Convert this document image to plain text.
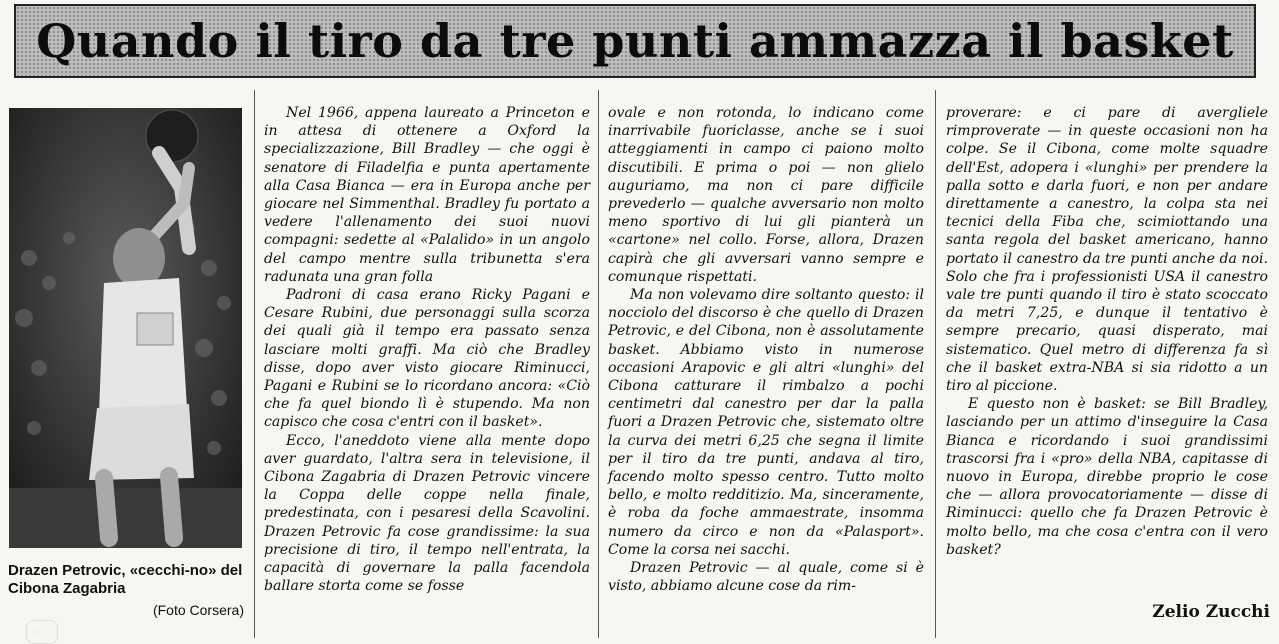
Quando il tiro da tre punti ammazza il basket
RAI 3
Drazen Petrovic, «cecchi-no» del Cibona Zagabria
(Foto Corsera)

Nel 1966, appena laureato a Princeton e in attesa di ottenere a Oxford la specializzazione, Bill Bradley — che oggi è senatore di Filadelfia e punta apertamente alla Casa Bianca — era in Europa anche per giocare nel Simmenthal. Bradley fu portato a vedere l'allenamento dei suoi nuovi compagni: sedette al «Palalido» in un angolo del campo mentre sulla tribunetta s'era radunata una gran folla

Padroni di casa erano Ricky Pagani e Cesare Rubini, due personaggi sulla scorza dei quali già il tempo era passato senza lasciare molti graffi. Ma ciò che Bradley disse, dopo aver visto giocare Riminucci, Pagani e Rubini se lo ricordano ancora: «Ciò che fa quel biondo lì è stupendo. Ma non capisco che cosa c'entri con il basket».

Ecco, l'aneddoto viene alla mente dopo aver guardato, l'altra sera in televisione, il Cibona Zagabria di Drazen Petrovic vincere la Coppa delle coppe nella finale, predestinata, con i pesaresi della Scavolini. Drazen Petrovic fa cose grandissime: la sua precisione di tiro, il tempo nell'entrata, la capacità di governare la palla facendola ballare storta come se fosse

ovale e non rotonda, lo indicano come inarrivabile fuoriclasse, anche se i suoi atteggiamenti in campo ci paiono molto discutibili. E prima o poi — non glielo auguriamo, ma non ci pare difficile prevederlo — qualche avversario non molto meno sportivo di lui gli pianterà un «cartone» nel collo. Forse, allora, Drazen capirà che gli avversari vanno sempre e comunque rispettati.

Ma non volevamo dire soltanto questo: il nocciolo del discorso è che quello di Drazen Petrovic, e del Cibona, non è assolutamente basket. Abbiamo visto in numerose occasioni Arapovic e gli altri «lunghi» del Cibona catturare il rimbalzo a pochi centimetri dal canestro per dar la palla fuori a Drazen Petrovic che, sistemato oltre la curva dei metri 6,25 che segna il limite per il tiro da tre punti, andava al tiro, facendo molto spesso centro. Tutto molto bello, e molto redditizio. Ma, sinceramente, è roba da foche ammaestrate, insomma numero da circo e non da «Palasport». Come la corsa nei sacchi.

Drazen Petrovic — al quale, come si è visto, abbiamo alcune cose da rim-

proverare: e ci pare di avergliele rimproverate — in queste occasioni non ha colpe. Se il Cibona, come molte squadre dell'Est, adopera i «lunghi» per prendere la palla sotto e darla fuori, e non per andare direttamente a canestro, la colpa sta nei tecnici della Fiba che, scimiottando una santa regola del basket americano, hanno portato il canestro da tre punti anche da noi. Solo che fra i professionisti USA il canestro vale tre punti quando il tiro è stato scoccato da metri 7,25, e dunque il tentativo è sempre precario, quasi disperato, mai sistematico. Quel metro di differenza fa sì che il basket extra-NBA si sia ridotto a un tiro al piccione.

E questo non è basket: se Bill Bradley, lasciando per un attimo d'inseguire la Casa Bianca e ricordando i suoi grandissimi trascorsi fra i «pro» della NBA, capitasse di nuovo in Europa, direbbe proprio le cose che — allora provocatoriamente — disse di Riminucci: quello che fa Drazen Petrovic è molto bello, ma che cosa c'entra con il vero basket?

Zelio Zucchi
